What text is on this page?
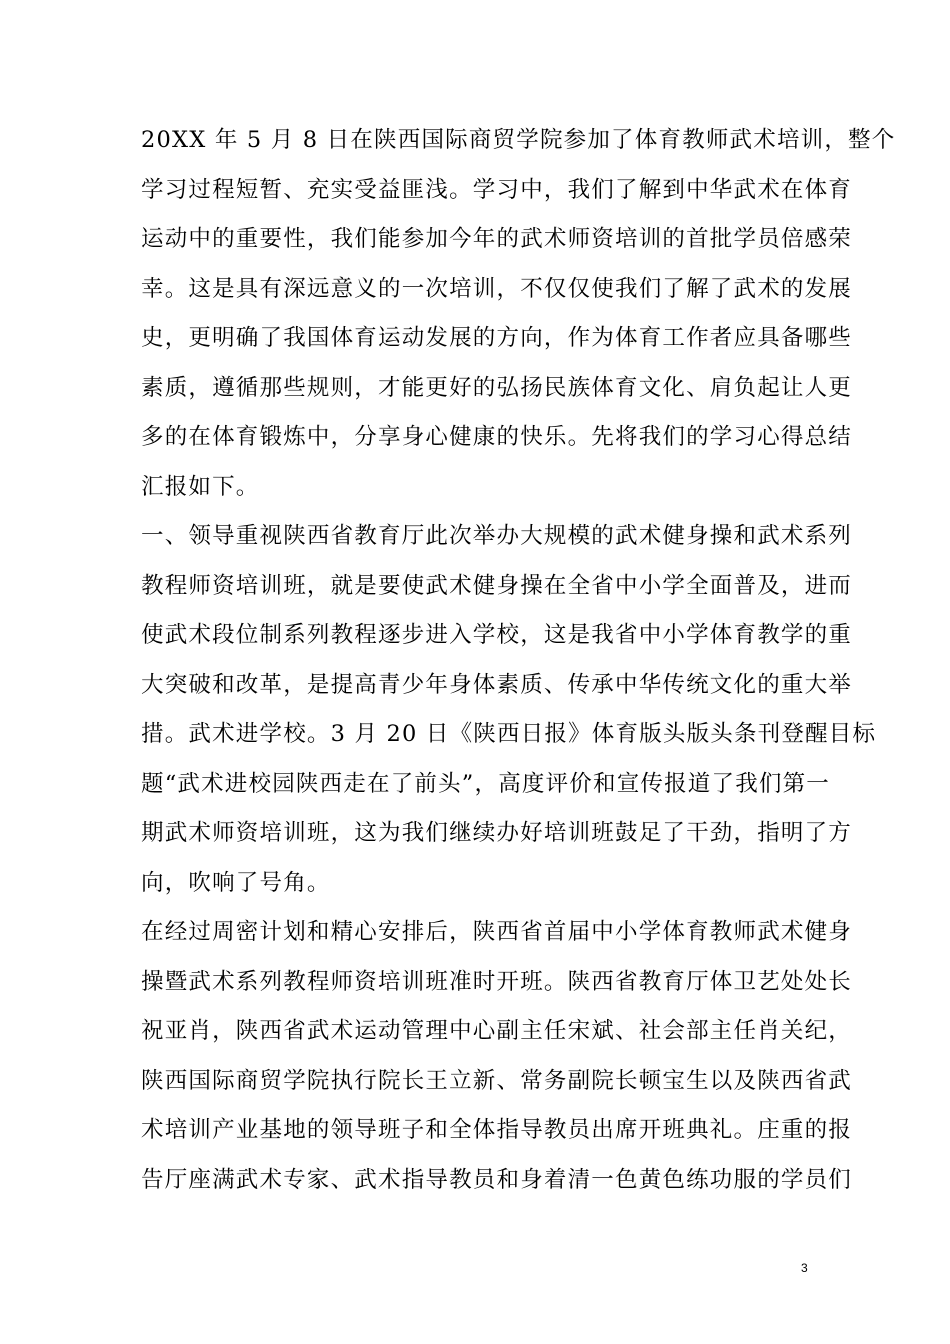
20XX 年 5 月 8 日在陕西国际商贸学院参加了体育教师武术培训，整个
学习过程短暂、充实受益匪浅。学习中，我们了解到中华武术在体育
运动中的重要性，我们能参加今年的武术师资培训的首批学员倍感荣
幸。这是具有深远意义的一次培训，不仅仅使我们了解了武术的发展
史，更明确了我国体育运动发展的方向，作为体育工作者应具备哪些
素质，遵循那些规则，才能更好的弘扬民族体育文化、肩负起让人更
多的在体育锻炼中，分享身心健康的快乐。先将我们的学习心得总结
汇报如下。
一、领导重视陕西省教育厅此次举办大规模的武术健身操和武术系列
教程师资培训班，就是要使武术健身操在全省中小学全面普及，进而
使武术段位制系列教程逐步进入学校，这是我省中小学体育教学的重
大突破和改革，是提高青少年身体素质、传承中华传统文化的重大举
措。武术进学校。3 月 20 日《陕西日报》体育版头版头条刊登醒目标
题“武术进校园陕西走在了前头”，高度评价和宣传报道了我们第一
期武术师资培训班，这为我们继续办好培训班鼓足了干劲，指明了方
向，吹响了号角。
在经过周密计划和精心安排后，陕西省首届中小学体育教师武术健身
操暨武术系列教程师资培训班准时开班。陕西省教育厅体卫艺处处长
祝亚肖，陕西省武术运动管理中心副主任宋斌、社会部主任肖关纪，
陕西国际商贸学院执行院长王立新、常务副院长顿宝生以及陕西省武
术培训产业基地的领导班子和全体指导教员出席开班典礼。庄重的报
告厅座满武术专家、武术指导教员和身着清一色黄色练功服的学员们
3
